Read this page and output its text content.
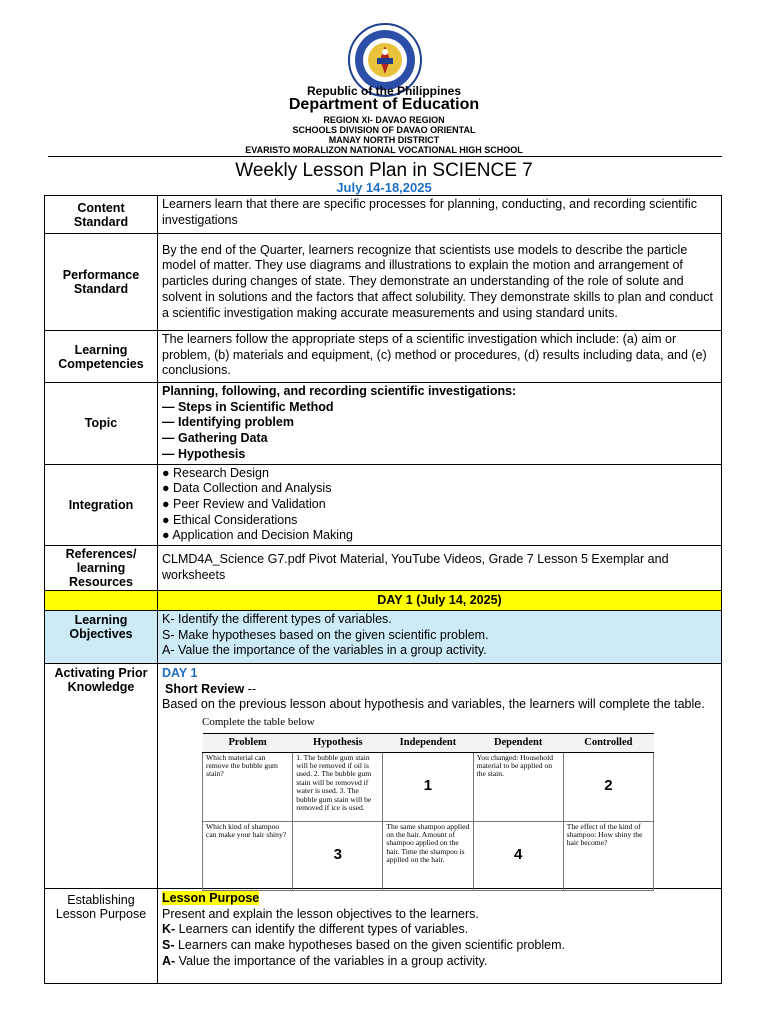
Republic of the Philippines
Department of Education
REGION XI- DAVAO REGION
SCHOOLS DIVISION OF DAVAO ORIENTAL
MANAY NORTH DISTRICT
EVARISTO MORALIZON NATIONAL VOCATIONAL HIGH SCHOOL
Weekly Lesson Plan in SCIENCE 7
July 14-18,2025
Content Standard	Learners learn that there are specific processes for planning, conducting, and recording scientific investigations
Performance Standard	By the end of the Quarter, learners recognize that scientists use models to describe the particle model of matter. They use diagrams and illustrations to explain the motion and arrangement of particles during changes of state. They demonstrate an understanding of the role of solute and solvent in solutions and the factors that affect solubility. They demonstrate skills to plan and conduct a scientific investigation making accurate measurements and using standard units.
Learning Competencies	The learners follow the appropriate steps of a scientific investigation which include: (a) aim or problem, (b) materials and equipment, (c) method or procedures, (d) results including data, and (e) conclusions.
Topic	
Planning, following, and recording scientific investigations:
— Steps in Scientific Method
— Identifying problem
— Gathering Data
— Hypothesis

Integration	
● Research Design
● Data Collection and Analysis
● Peer Review and Validation
● Ethical Considerations
● Application and Decision Making

References/ learning Resources	CLMD4A_Science G7.pdf Pivot Material, YouTube Videos, Grade 7 Lesson 5 Exemplar and worksheets
	DAY 1 (July 14, 2025)
Learning Objectives	
K- Identify the different types of variables.
S- Make hypotheses based on the given scientific problem.
A- Value the importance of the variables in a group activity.

Activating Prior Knowledge	
DAY 1
Short Review --
Based on the previous lesson about hypothesis and variables, the learners will complete the table.
Complete the table below
Problem	Hypothesis	Independent	Dependent	Controlled
Which material can remove the bubble gum stain?	1. The bubble gum stain will be removed if oil is used. 2. The bubble gum stain will be removed if water is used. 3. The bubble gum stain will be removed if ice is used.	1	You changed: Household material to be applied on the stain.	2
Which kind of shampoo can make your hair shiny?	3	The same shampoo applied on the hair. Amount of shampoo applied on the hair. Time the shampoo is applied on the hair.	4	The effect of the kind of shampoo: How shiny the hair become?

Establishing Lesson Purpose	
Lesson Purpose
Present and explain the lesson objectives to the learners.
K- Learners can identify the different types of variables.
S- Learners can make hypotheses based on the given scientific problem.
A- Value the importance of the variables in a group activity.
